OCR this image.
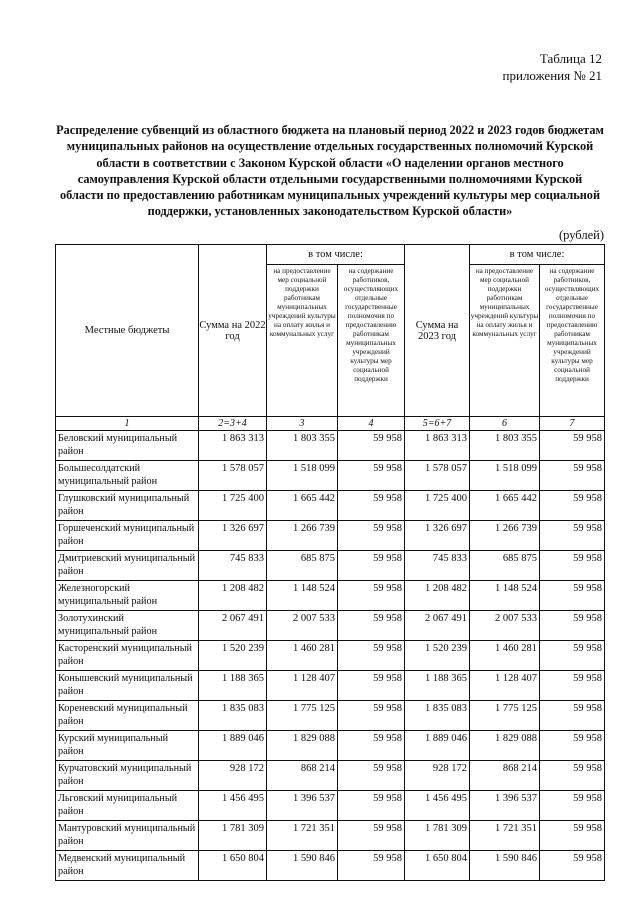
Таблица 12
приложения № 21
Распределение субвенций из областного бюджета на плановый период 2022 и 2023 годов бюджетам муниципальных районов на осуществление отдельных государственных полномочий Курской области в соответствии с Законом Курской области «О наделении органов местного самоуправления Курской области отдельными государственными полномочиями Курской области по предоставлению работникам муниципальных учреждений культуры мер социальной поддержки, установленных законодательством Курской области»
(рублей)
Местные бюджеты	Сумма на 2022 год	в том числе:		Сумма на 2023 год	в том числе:	
		на предоставление мер социальной поддержки работникам муниципальных учреждений культуры на оплату жилья и коммунальных услуг	на содержание работников, осуществляющих отдельные государственные полномочия по предоставлению работникам муниципальных учреждений культуры мер социальной поддержки		на предоставление мер социальной поддержки работникам муниципальных учреждений культуры на оплату жилья и коммунальных услуг	на содержание работников, осуществляющих отдельные государственные полномочия по предоставлению работникам муниципальных учреждений культуры мер социальной поддержки
1	2=3+4	3	4	5=6+7	6	7
Беловский муниципальный район	1 863 313	1 803 355	59 958	1 863 313	1 803 355	59 958
Большесолдатский муниципальный район	1 578 057	1 518 099	59 958	1 578 057	1 518 099	59 958
Глушковский муниципальный район	1 725 400	1 665 442	59 958	1 725 400	1 665 442	59 958
Горшеченский муниципальный район	1 326 697	1 266 739	59 958	1 326 697	1 266 739	59 958
Дмитриевский муниципальный район	745 833	685 875	59 958	745 833	685 875	59 958
Железногорский муниципальный район	1 208 482	1 148 524	59 958	1 208 482	1 148 524	59 958
Золотухинский муниципальный район	2 067 491	2 007 533	59 958	2 067 491	2 007 533	59 958
Касторенский муниципальный район	1 520 239	1 460 281	59 958	1 520 239	1 460 281	59 958
Конышевский муниципальный район	1 188 365	1 128 407	59 958	1 188 365	1 128 407	59 958
Кореневский муниципальный район	1 835 083	1 775 125	59 958	1 835 083	1 775 125	59 958
Курский муниципальный район	1 889 046	1 829 088	59 958	1 889 046	1 829 088	59 958
Курчатовский муниципальный район	928 172	868 214	59 958	928 172	868 214	59 958
Льговский муниципальный район	1 456 495	1 396 537	59 958	1 456 495	1 396 537	59 958
Мантуровский муниципальный район	1 781 309	1 721 351	59 958	1 781 309	1 721 351	59 958
Медвенский муниципальный район	1 650 804	1 590 846	59 958	1 650 804	1 590 846	59 958
